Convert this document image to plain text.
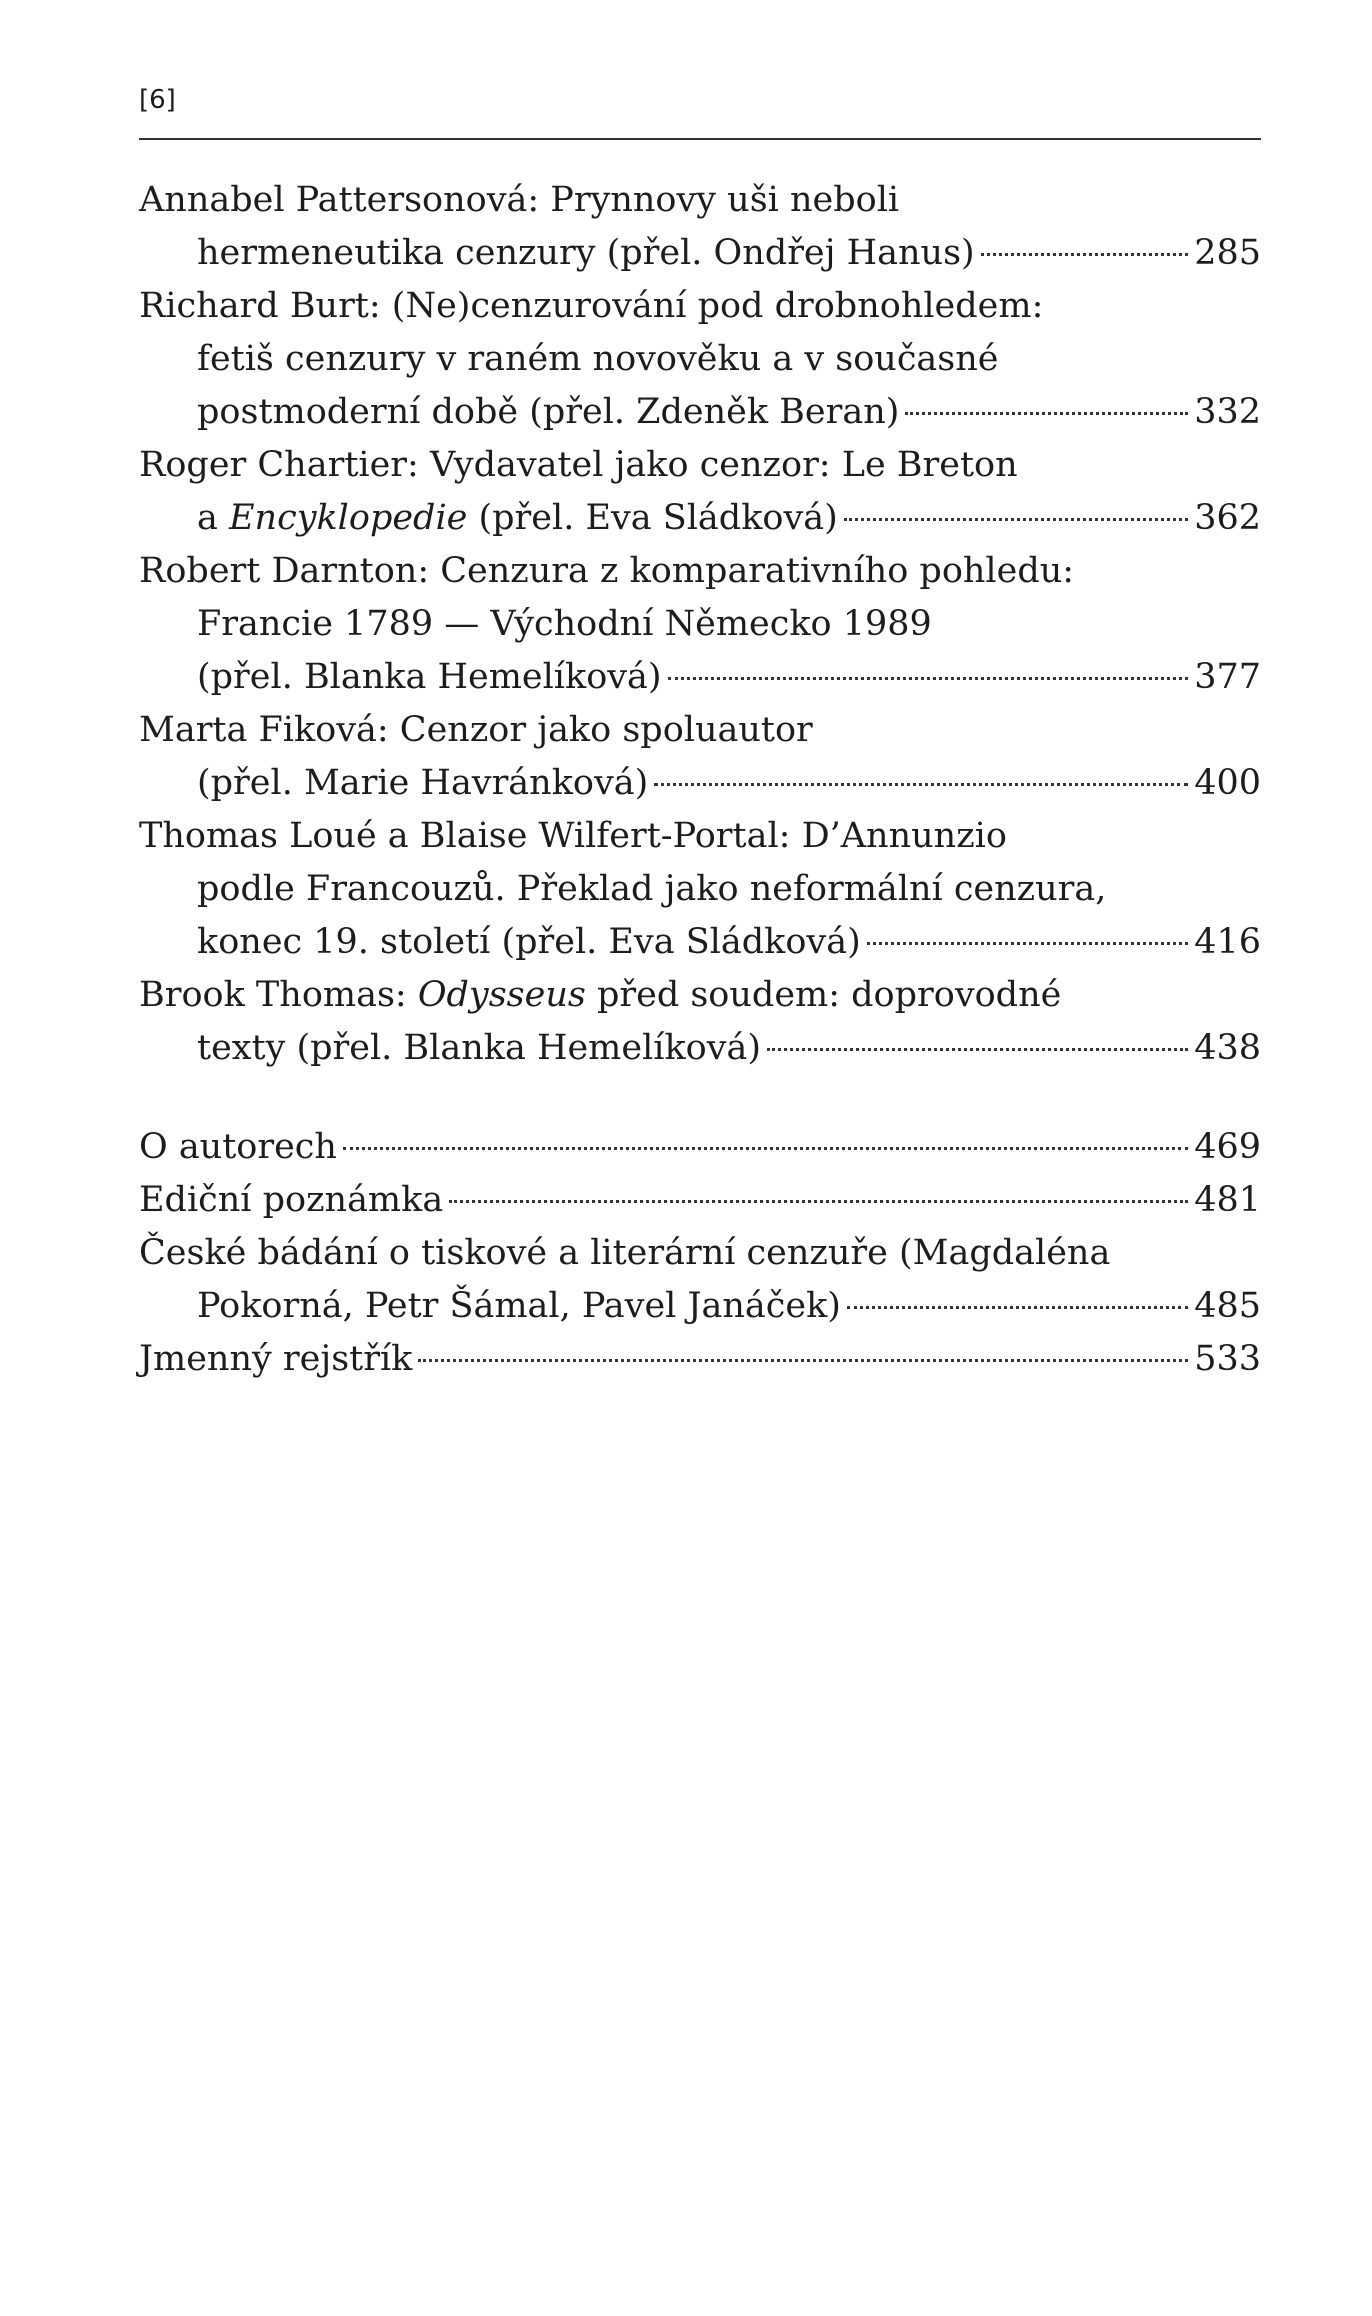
[6]
Annabel Pattersonová: Prynnovy uši neboli
hermeneutika cenzury (přel. Ondřej Hanus)	285
Richard Burt: (Ne)cenzurování pod drobnohledem:
fetiš cenzury v raném novověku a v současné
postmoderní době (přel. Zdeněk Beran)	332
Roger Chartier: Vydavatel jako cenzor: Le Breton
a Encyklopedie (přel. Eva Sládková)	362
Robert Darnton: Cenzura z komparativního pohledu:
Francie 1789 — Východní Německo 1989
(přel. Blanka Hemelíková)	377
Marta Fiková: Cenzor jako spoluautor
(přel. Marie Havránková)	400
Thomas Loué a Blaise Wilfert-Portal: D’Annunzio
podle Francouzů. Překlad jako neformální cenzura,
konec 19. století (přel. Eva Sládková)	416
Brook Thomas: Odysseus před soudem: doprovodné
texty (přel. Blanka Hemelíková)	438
O autorech	469
Ediční poznámka	481
České bádání o tiskové a literární cenzuře (Magdaléna
Pokorná, Petr Šámal, Pavel Janáček)	485
Jmenný rejstřík	533
